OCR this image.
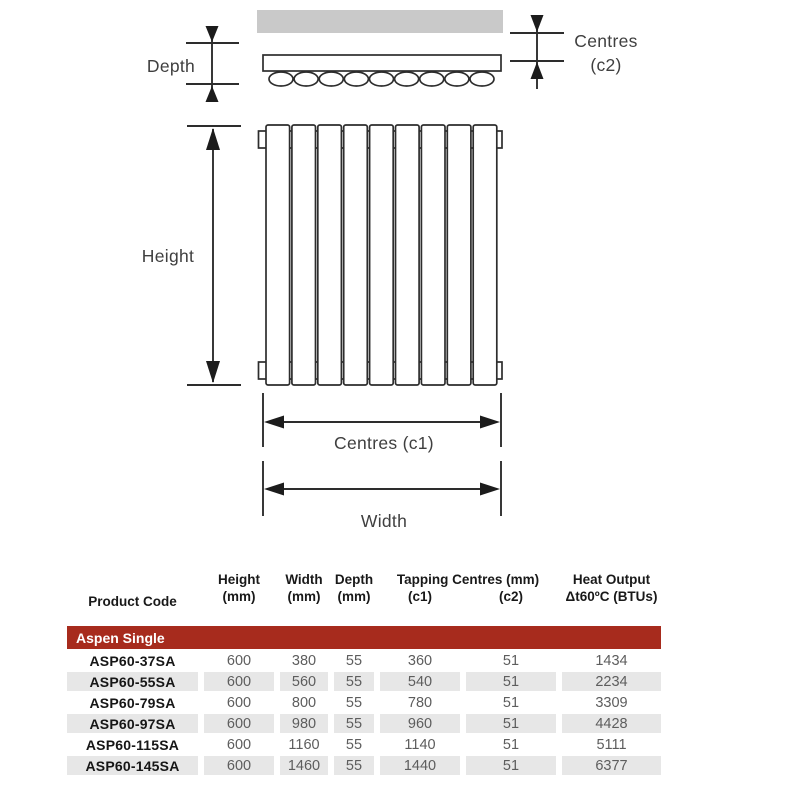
Depth
Centres
(c2)
Height
Centres (c1)
Width
Product Code	Height	Width	Depth	Tapping Centres (mm)		Heat Output
	(mm)	(mm)	(mm)	(c1)	(c2)	Δt60ºC (BTUs)

Aspen Single						
ASP60-37SA	600	380	55	360	51	1434
ASP60-55SA	600	560	55	540	51	2234
ASP60-79SA	600	800	55	780	51	3309
ASP60-97SA	600	980	55	960	51	4428
ASP60-115SA	600	1160	55	1140	51	5111
ASP60-145SA	600	1460	55	1440	51	6377
